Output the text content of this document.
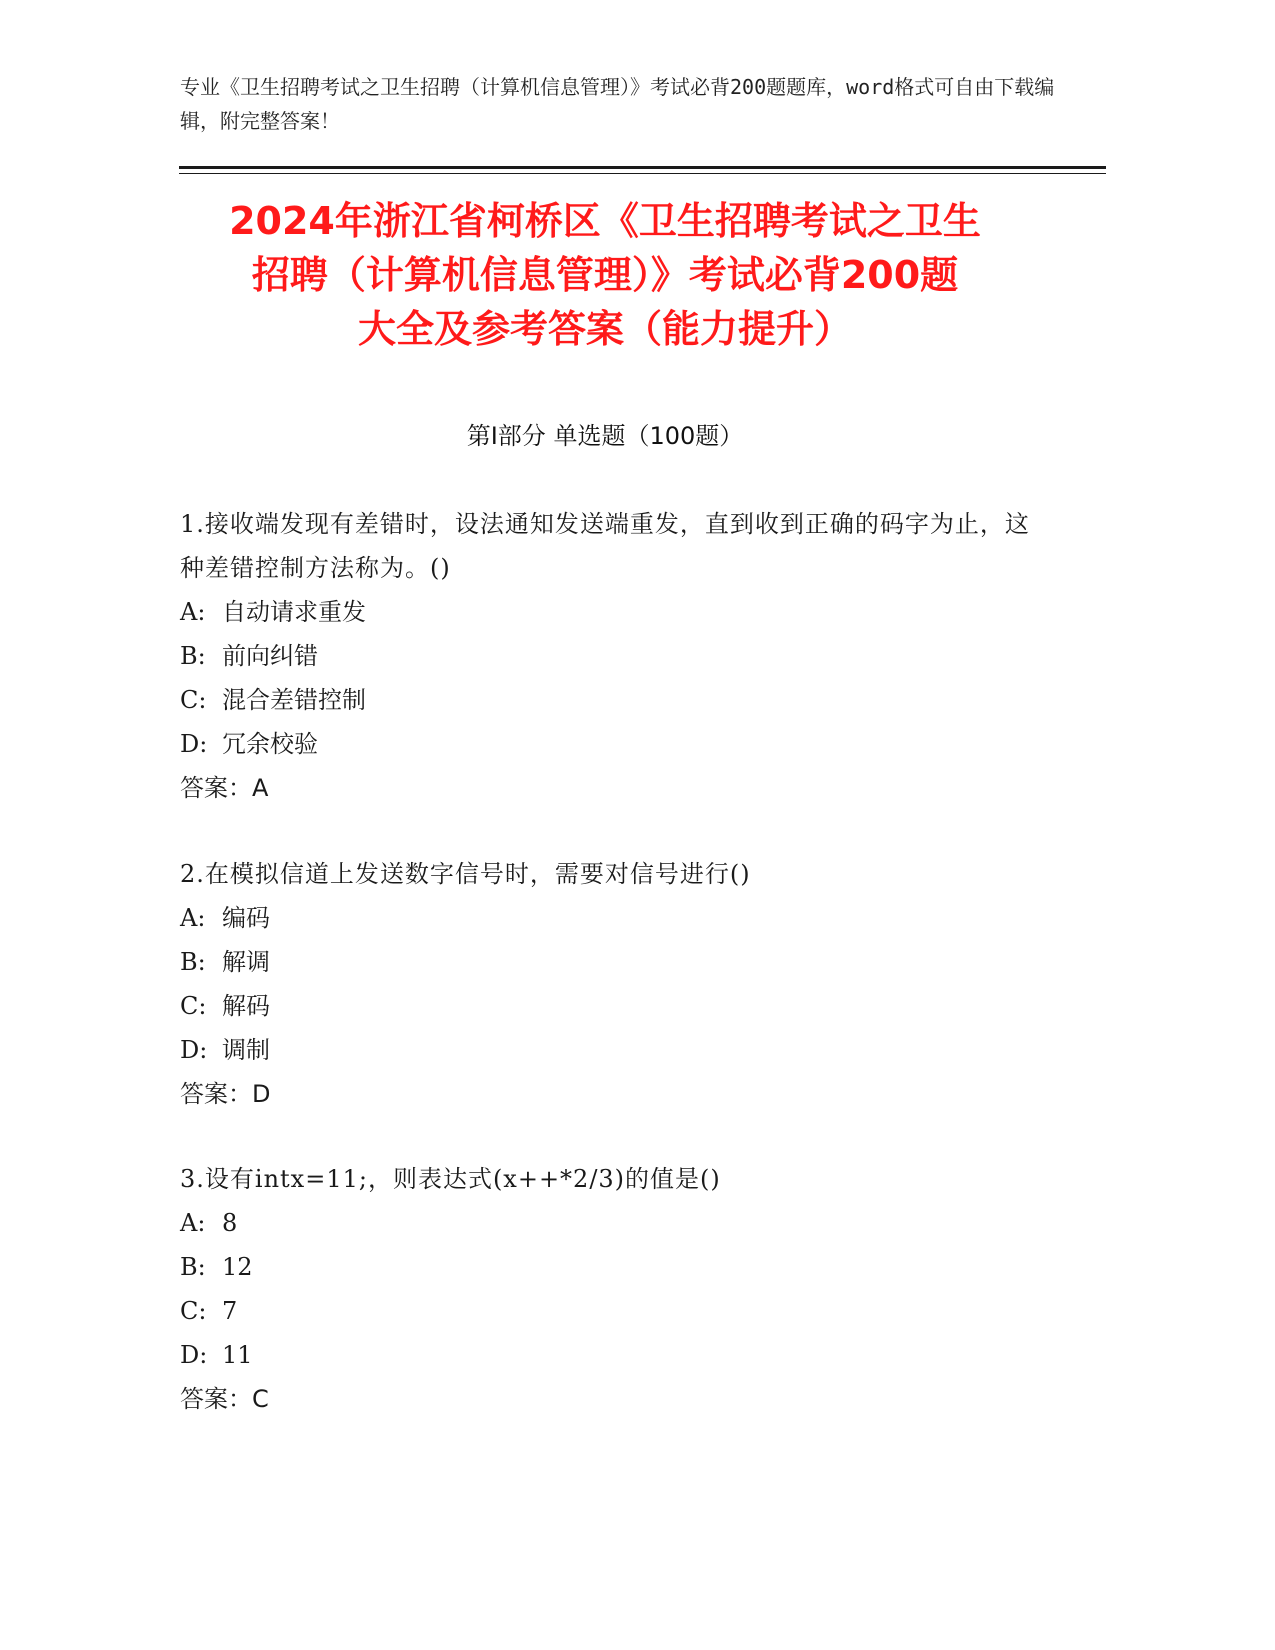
专业《卫生招聘考试之卫生招聘（计算机信息管理）》考试必背200题题库，word格式可自由下载编辑，附完整答案！
2024年浙江省柯桥区《卫生招聘考试之卫生
招聘（计算机信息管理）》考试必背200题
大全及参考答案（能力提升）
第Ⅰ部分 单选题（100题）
1.接收端发现有差错时，设法通知发送端重发，直到收到正确的码字为止，这种差错控制方法称为。()
A: 自动请求重发
B: 前向纠错
C: 混合差错控制
D: 冗余校验
答案：A
2.在模拟信道上发送数字信号时，需要对信号进行()
A: 编码
B: 解调
C: 解码
D: 调制
答案：D
3.设有intx=11;，则表达式(x++*2/3)的值是()
A: 8
B: 12
C: 7
D: 11
答案：C
